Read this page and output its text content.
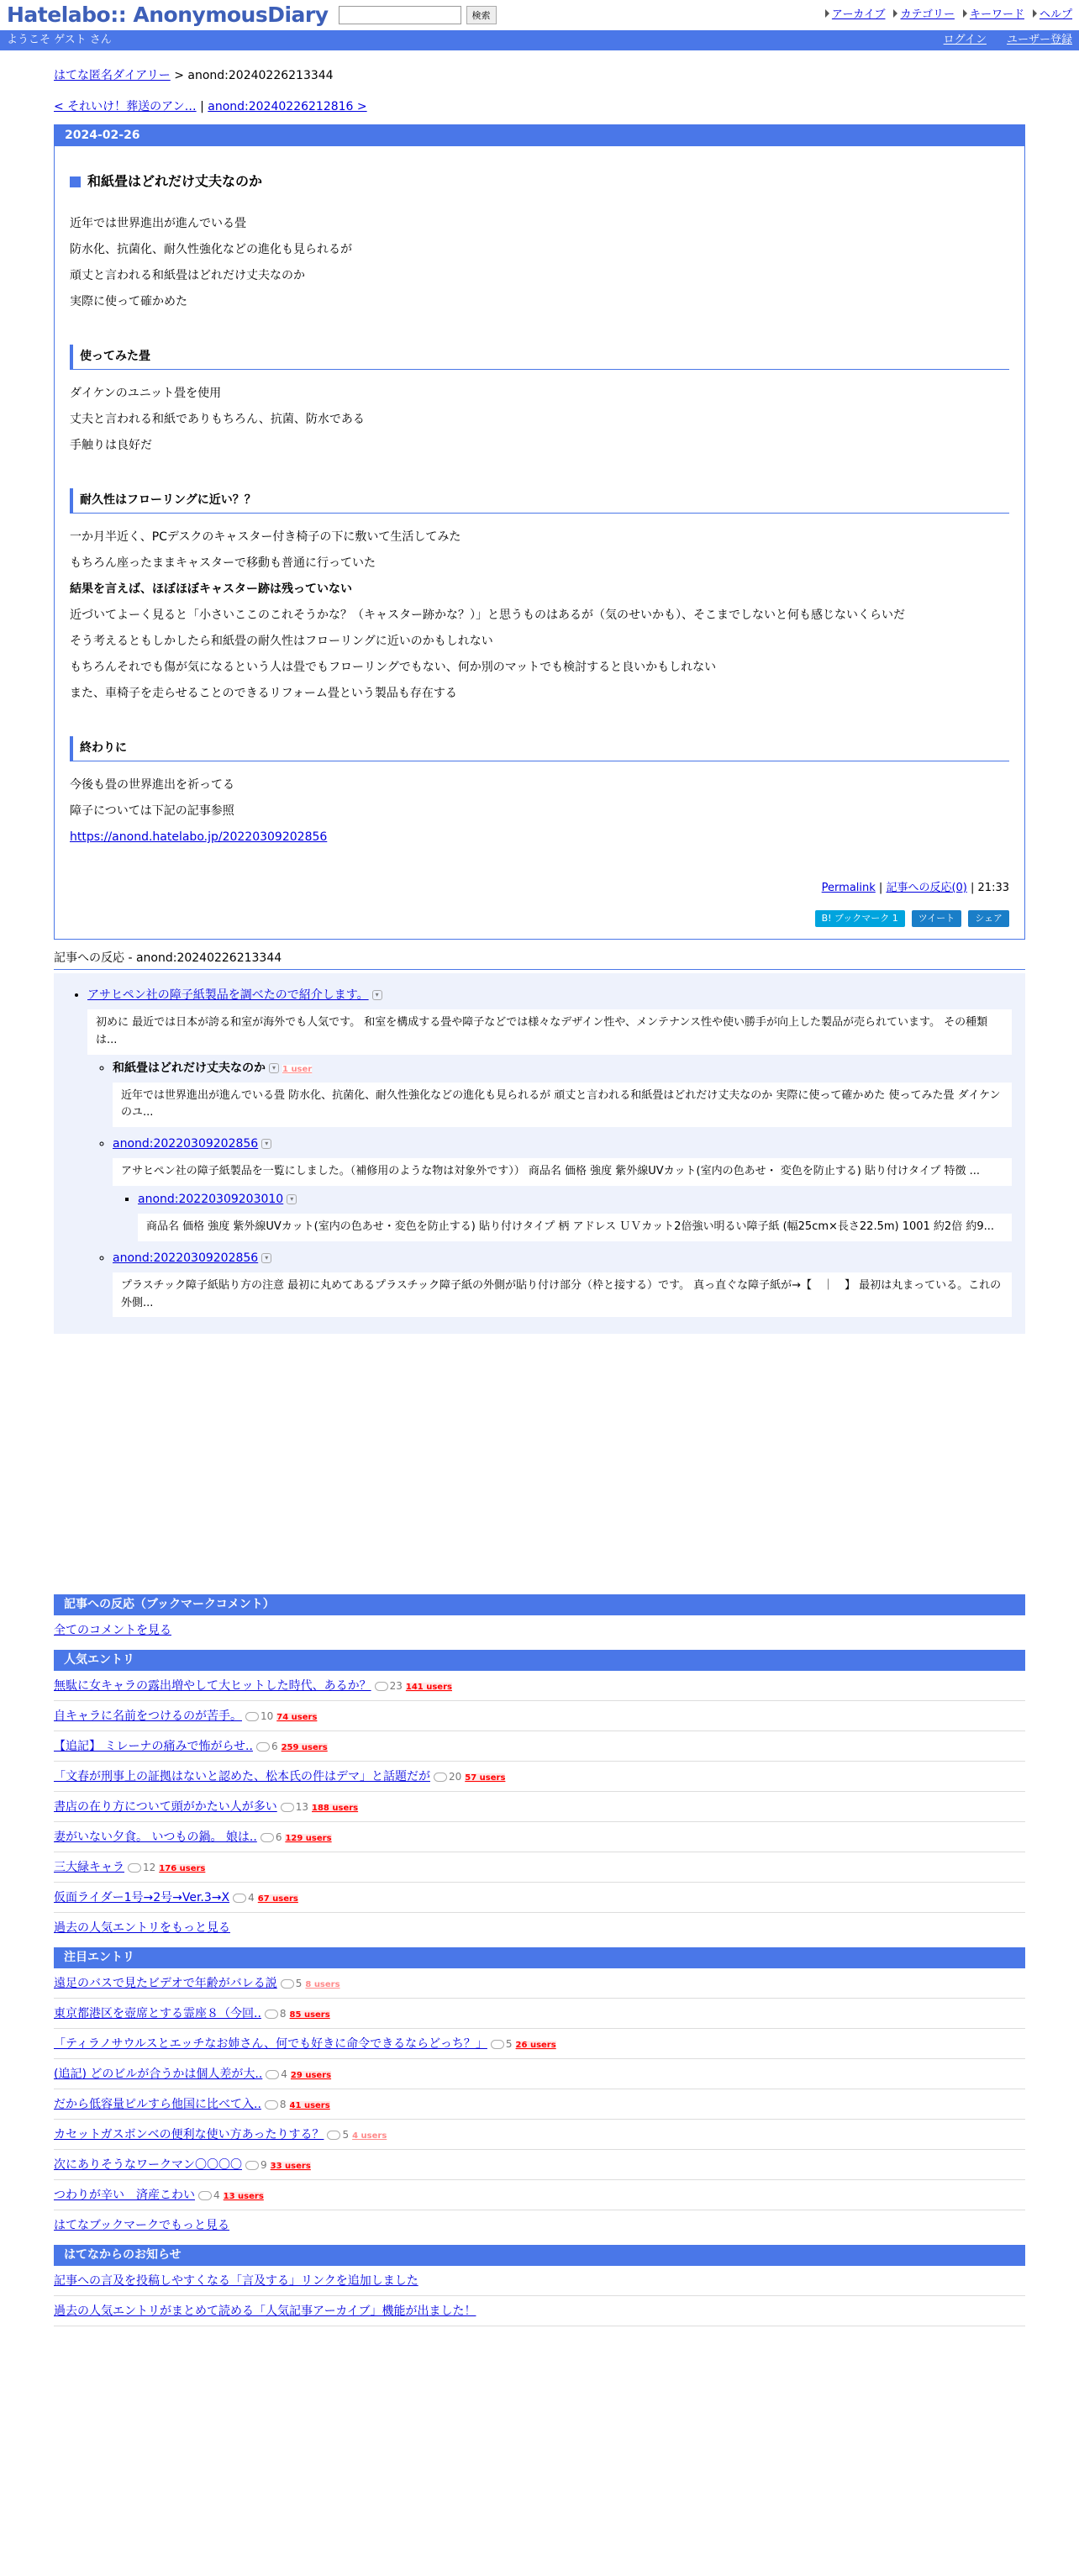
Hatelabo:: AnonymousDiary	検索	アーカイブ	カテゴリー	キーワード	ヘルプ
ようこそ ゲスト さん	ログイン ユーザー登録
はてな匿名ダイアリー > anond:20240226213344
< それいけ！葬送のアン… | anond:20240226212816 >
2024-02-26
和紙畳はどれだけ丈夫なのか

近年では世界進出が進んでいる畳

防水化、抗菌化、耐久性強化などの進化も見られるが

頑丈と言われる和紙畳はどれだけ丈夫なのか

実際に使って確かめた

使ってみた畳

ダイケンのユニット畳を使用

丈夫と言われる和紙でありもちろん、抗菌、防水である

手触りは良好だ

耐久性はフローリングに近い？？

一か月半近く、PCデスクのキャスター付き椅子の下に敷いて生活してみた

もちろん座ったままキャスターで移動も普通に行っていた

結果を言えば、ほぼほぼキャスター跡は残っていない

近づいてよーく見ると「小さいここのこれそうかな？（キャスター跡かな？）」と思うものはあるが（気のせいかも）、そこまでしないと何も感じないくらいだ

そう考えるともしかしたら和紙畳の耐久性はフローリングに近いのかもしれない

もちろんそれでも傷が気になるという人は畳でもフローリングでもない、何か別のマットでも検討すると良いかもしれない

また、車椅子を走らせることのできるリフォーム畳という製品も存在する

終わりに

今後も畳の世界進出を祈ってる

障子については下記の記事参照

https://anond.hatelabo.jp/20220309202856

Permalink | 記事への反応(0) | 21:33
B! ブックマーク 1	ツイート	シェア
記事への反応 - anond:20240226213344
• アサヒペン社の障子紙製品を調べたので紹介します。 ▾
初めに 最近では日本が誇る和室が海外でも人気です。 和室を構成する畳や障子などでは様々なデザイン性や、メンテナンス性や使い勝手が向上した製品が売られています。 その種類は...
◦ 和紙畳はどれだけ丈夫なのか ▾ 1 user
近年では世界進出が進んでいる畳 防水化、抗菌化、耐久性強化などの進化も見られるが 頑丈と言われる和紙畳はどれだけ丈夫なのか 実際に使って確かめた 使ってみた畳 ダイケンのユ...
◦ anond:20220309202856 ▾
アサヒペン社の障子紙製品を一覧にしました。（補修用のような物は対象外です）） 商品名 価格 強度 紫外線UVカット(室内の色あせ・ 変色を防止する) 貼り付けタイプ 特徴 ...
▪ anond:20220309203010 ▾
商品名 価格 強度 紫外線UVカット(室内の色あせ・変色を防止する) 貼り付けタイプ 柄 アドレス ＵＶカット2倍強い明るい障子紙 (幅25cm×長さ22.5m) 1001 約2倍 約9...
◦ anond:20220309202856 ▾
プラスチック障子紙貼り方の注意 最初に丸めてあるプラスチック障子紙の外側が貼り付け部分（枠と接する）です。 真っ直ぐな障子紙が→【　｜　】 最初は丸まっている。これの外側...
記事への反応（ブックマークコメント）
全てのコメントを見る
人気エントリ
無駄に女キャラの露出増やして大ヒットした時代、あるか？ 23 141 users
自キャラに名前をつけるのが苦手。 10 74 users
【追記】 ミレーナの痛みで怖がらせ.. 6 259 users
「文春が刑事上の証拠はないと認めた、松本氏の件はデマ」と話題だが 20 57 users
書店の在り方について頭がかたい人が多い 13 188 users
妻がいない夕食。 いつもの鍋。 娘は.. 6 129 users
三大緑キャラ 12 176 users
仮面ライダー1号→2号→Ver.3→X 4 67 users
過去の人気エントリをもっと見る
注目エントリ
遠足のバスで見たビデオで年齢がバレる説 5 8 users
東京都港区を壺席とする霊座８（今回.. 8 85 users
「ティラノサウルスとエッチなお姉さん、何でも好きに命令できるならどっち？」 5 26 users
(追記) どのビルが合うかは個人差が大.. 4 29 users
だから低容量ピルすら他国に比べて入.. 8 41 users
カセットガスボンベの便利な使い方あったりする？ 5 4 users
次にありそうなワークマン〇〇〇〇 9 33 users
つわりが辛い　済産こわい 4 13 users
はてなブックマークでもっと見る
はてなからのお知らせ
記事への言及を投稿しやすくなる「言及する」リンクを追加しました
過去の人気エントリがまとめて読める「人気記事アーカイブ」機能が出ました！
